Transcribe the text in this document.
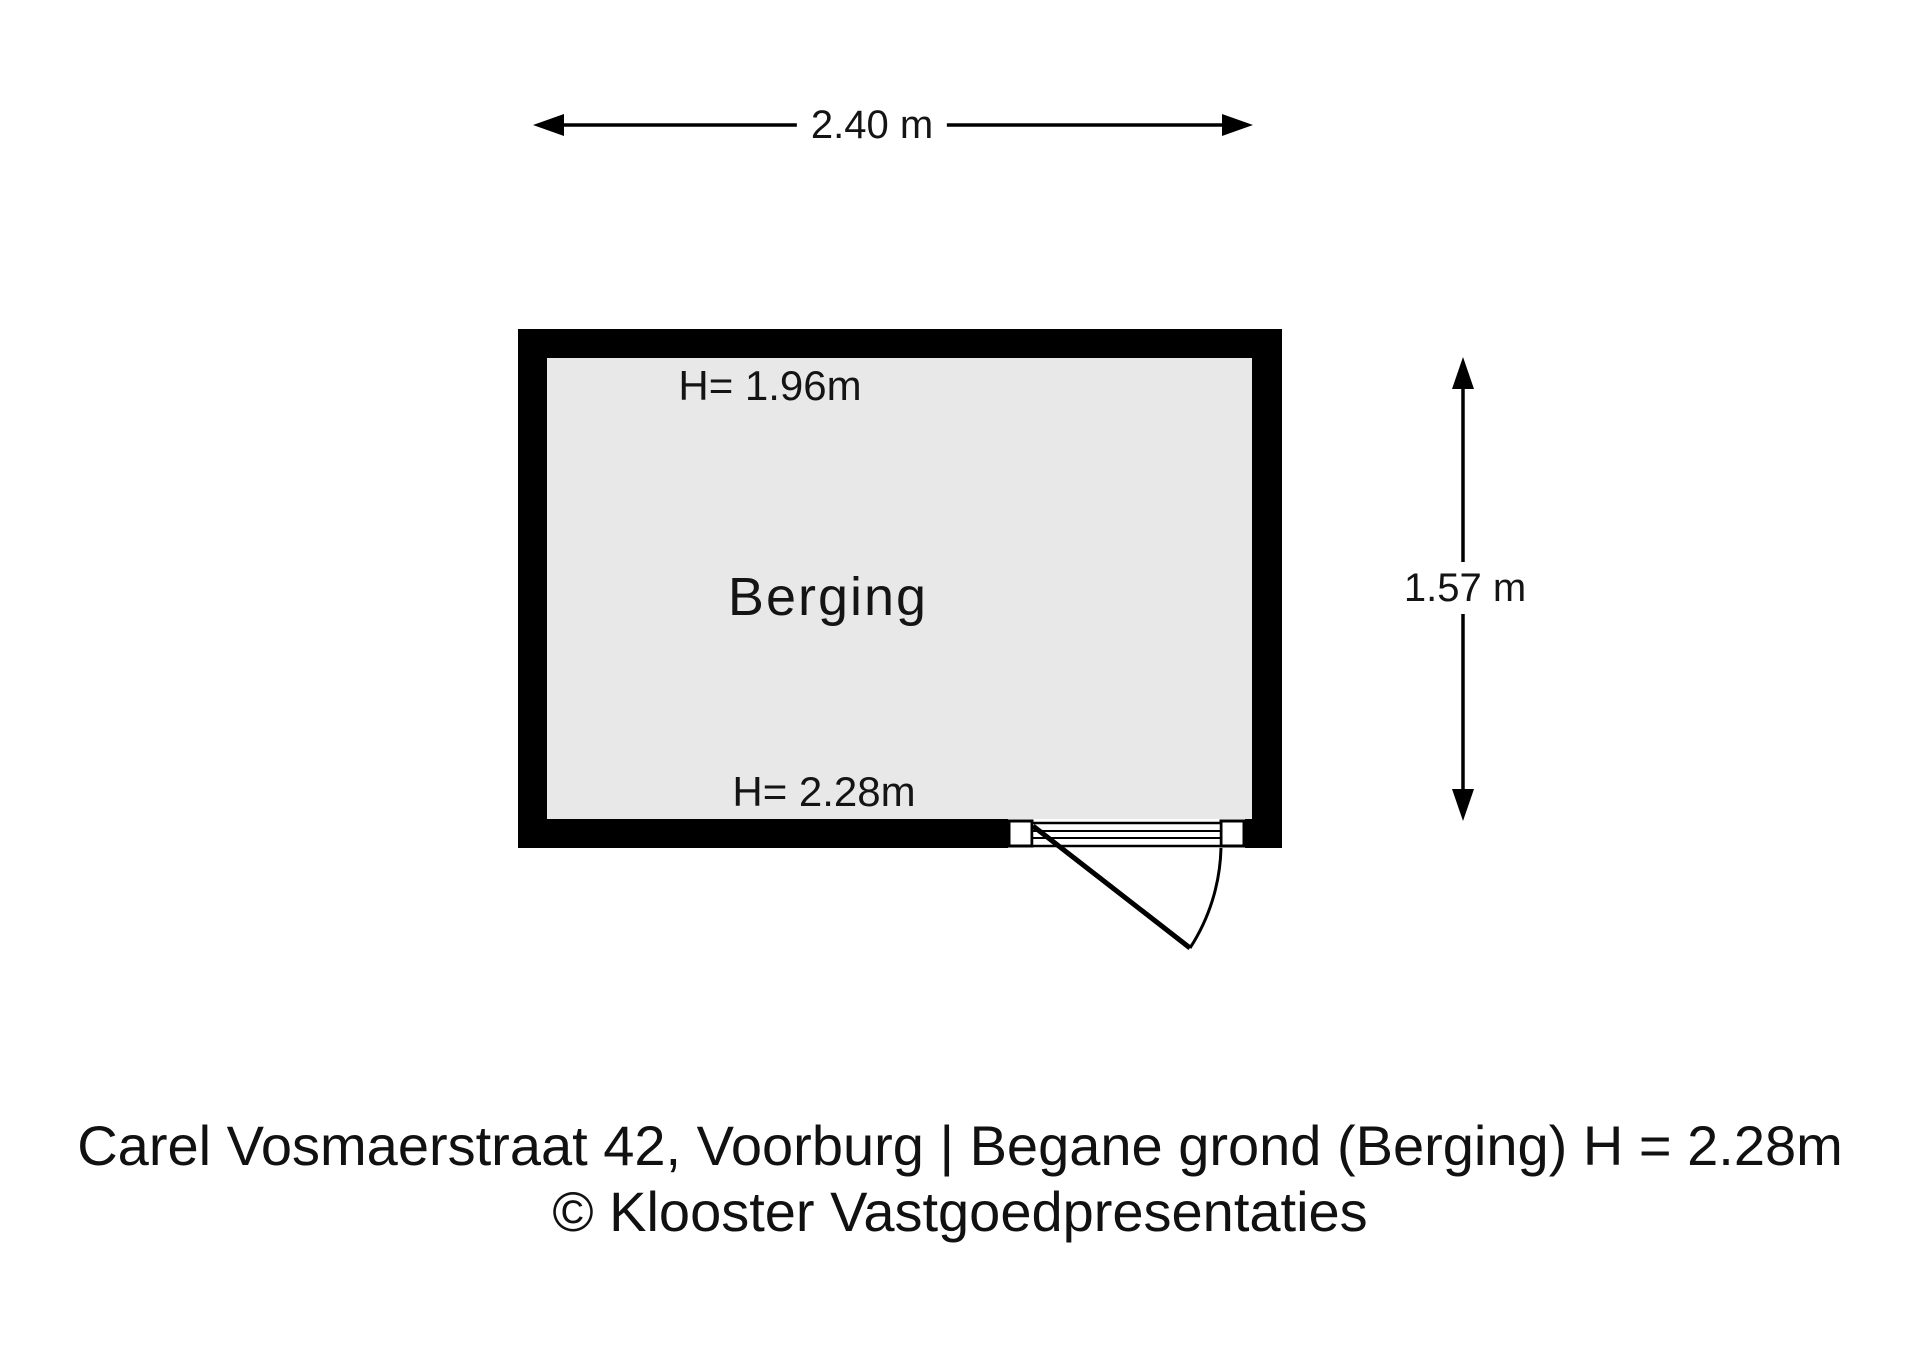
2.40 m
1.57 m
H= 1.96m
Berging
H= 2.28m
Carel Vosmaerstraat 42, Voorburg | Begane grond (Berging) H = 2.28m
© Klooster Vastgoedpresentaties
